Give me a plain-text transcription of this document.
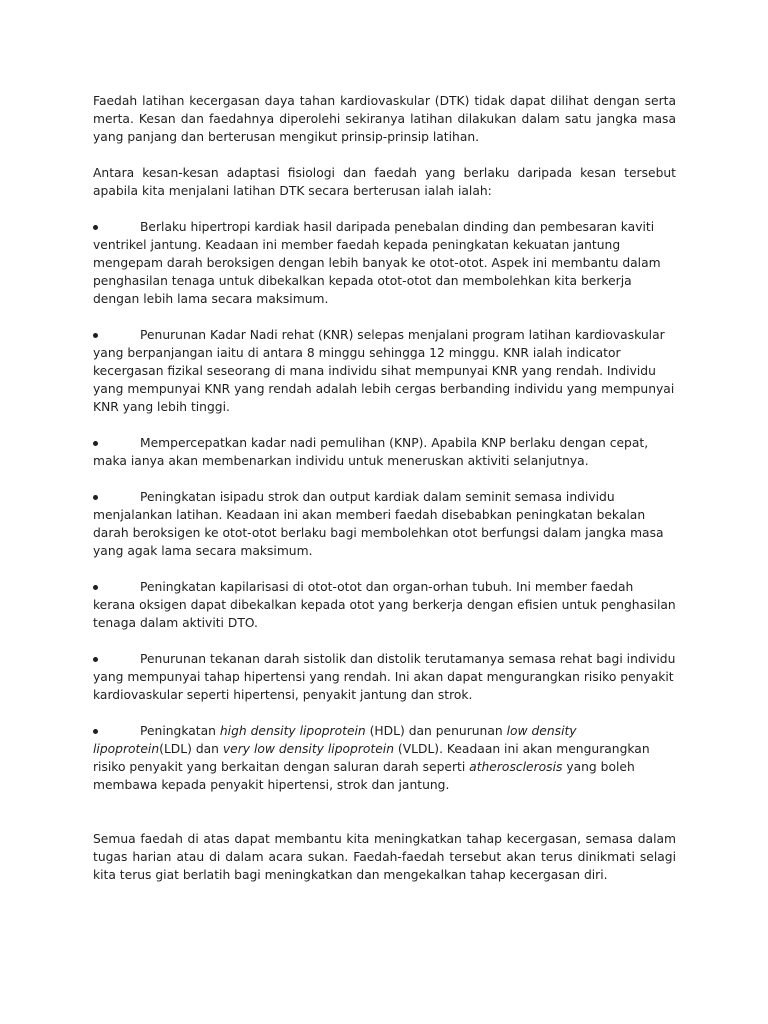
Faedah latihan kecergasan daya tahan kardiovaskular (DTK) tidak dapat dilihat dengan serta merta. Kesan dan faedahnya diperolehi sekiranya latihan dilakukan dalam satu jangka masa yang panjang dan berterusan mengikut prinsip-prinsip latihan.

Antara kesan-kesan adaptasi fisiologi dan faedah yang berlaku daripada kesan tersebut apabila kita menjalani latihan DTK secara berterusan ialah ialah:

Berlaku hipertropi kardiak hasil daripada penebalan dinding dan pembesaran kaviti ventrikel jantung. Keadaan ini member faedah kepada peningkatan kekuatan jantung mengepam darah beroksigen dengan lebih banyak ke otot-otot. Aspek ini membantu dalam penghasilan tenaga untuk dibekalkan kepada otot-otot dan membolehkan kita berkerja dengan lebih lama secara maksimum.

Penurunan Kadar Nadi rehat (KNR) selepas menjalani program latihan kardiovaskular yang berpanjangan iaitu di antara 8 minggu sehingga 12 minggu. KNR ialah indicator kecergasan fizikal seseorang di mana individu sihat mempunyai KNR yang rendah. Individu yang mempunyai KNR yang rendah adalah lebih cergas berbanding individu yang mempunyai KNR yang lebih tinggi.

Mempercepatkan kadar nadi pemulihan (KNP). Apabila KNP berlaku dengan cepat, maka ianya akan membenarkan individu untuk meneruskan aktiviti selanjutnya.

Peningkatan isipadu strok dan output kardiak dalam seminit semasa individu menjalankan latihan. Keadaan ini akan memberi faedah disebabkan peningkatan bekalan darah beroksigen ke otot-otot berlaku bagi membolehkan otot berfungsi dalam jangka masa yang agak lama secara maksimum.

Peningkatan kapilarisasi di otot-otot dan organ-orhan tubuh. Ini member faedah kerana oksigen dapat dibekalkan kepada otot yang berkerja dengan efisien untuk penghasilan tenaga dalam aktiviti DTO.

Penurunan tekanan darah sistolik dan distolik terutamanya semasa rehat bagi individu yang mempunyai tahap hipertensi yang rendah. Ini akan dapat mengurangkan risiko penyakit kardiovaskular seperti hipertensi, penyakit jantung dan strok.

Peningkatan high density lipoprotein (HDL) dan penurunan low density lipoprotein(LDL) dan very low density lipoprotein (VLDL). Keadaan ini akan mengurangkan risiko penyakit yang berkaitan dengan saluran darah seperti atherosclerosis yang boleh membawa kepada penyakit hipertensi, strok dan jantung.

Semua faedah di atas dapat membantu kita meningkatkan tahap kecergasan, semasa dalam tugas harian atau di dalam acara sukan. Faedah-faedah tersebut akan terus dinikmati selagi kita terus giat berlatih bagi meningkatkan dan mengekalkan tahap kecergasan diri.
